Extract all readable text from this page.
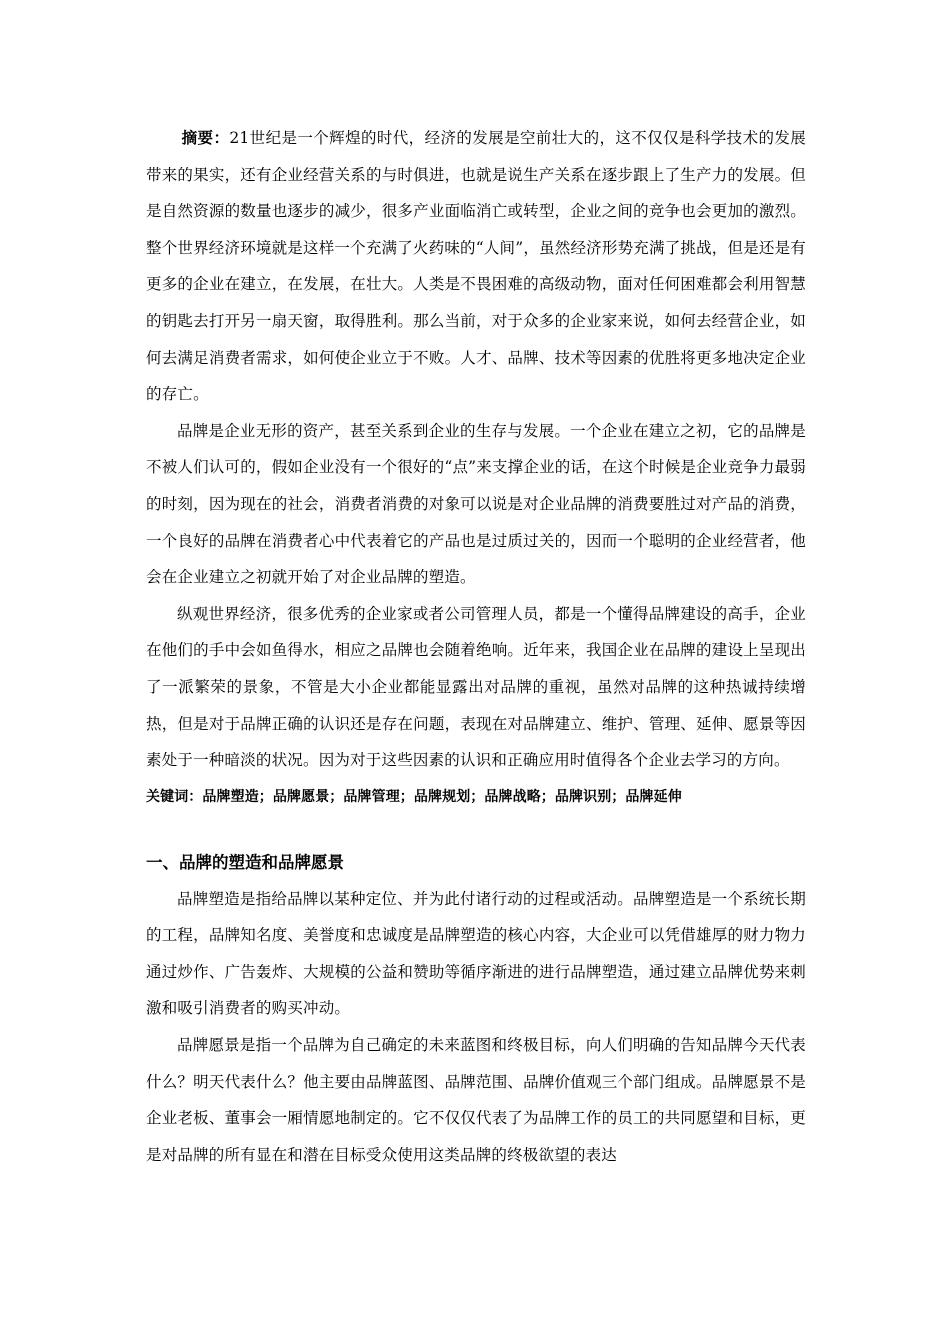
摘要：21世纪是一个辉煌的时代，经济的发展是空前壮大的，这不仅仅是科学技术的发展带来的果实，还有企业经营关系的与时俱进，也就是说生产关系在逐步跟上了生产力的发展。但是自然资源的数量也逐步的减少，很多产业面临消亡或转型，企业之间的竞争也会更加的激烈。整个世界经济环境就是这样一个充满了火药味的“人间”，虽然经济形势充满了挑战，但是还是有更多的企业在建立，在发展，在壮大。人类是不畏困难的高级动物，面对任何困难都会利用智慧的钥匙去打开另一扇天窗，取得胜利。那么当前，对于众多的企业家来说，如何去经营企业，如何去满足消费者需求，如何使企业立于不败。人才、品牌、技术等因素的优胜将更多地决定企业的存亡。

品牌是企业无形的资产，甚至关系到企业的生存与发展。一个企业在建立之初，它的品牌是不被人们认可的，假如企业没有一个很好的“点”来支撑企业的话，在这个时候是企业竞争力最弱的时刻，因为现在的社会，消费者消费的对象可以说是对企业品牌的消费要胜过对产品的消费，一个良好的品牌在消费者心中代表着它的产品也是过质过关的，因而一个聪明的企业经营者，他会在企业建立之初就开始了对企业品牌的塑造。

纵观世界经济，很多优秀的企业家或者公司管理人员，都是一个懂得品牌建设的高手，企业在他们的手中会如鱼得水，相应之品牌也会随着绝响。近年来，我国企业在品牌的建设上呈现出了一派繁荣的景象，不管是大小企业都能显露出对品牌的重视，虽然对品牌的这种热诚持续增热，但是对于品牌正确的认识还是存在问题，表现在对品牌建立、维护、管理、延伸、愿景等因素处于一种暗淡的状况。因为对于这些因素的认识和正确应用时值得各个企业去学习的方向。

关键词：品牌塑造；品牌愿景；品牌管理；品牌规划；品牌战略；品牌识别；品牌延伸

一、品牌的塑造和品牌愿景

品牌塑造是指给品牌以某种定位、并为此付诸行动的过程或活动。品牌塑造是一个系统长期的工程，品牌知名度、美誉度和忠诚度是品牌塑造的核心内容，大企业可以凭借雄厚的财力物力通过炒作、广告轰炸、大规模的公益和赞助等循序渐进的进行品牌塑造，通过建立品牌优势来刺激和吸引消费者的购买冲动。

品牌愿景是指一个品牌为自己确定的未来蓝图和终极目标，向人们明确的告知品牌今天代表什么？明天代表什么？他主要由品牌蓝图、品牌范围、品牌价值观三个部门组成。品牌愿景不是企业老板、董事会一厢情愿地制定的。它不仅仅代表了为品牌工作的员工的共同愿望和目标，更是对品牌的所有显在和潜在目标受众使用这类品牌的终极欲望的表达
